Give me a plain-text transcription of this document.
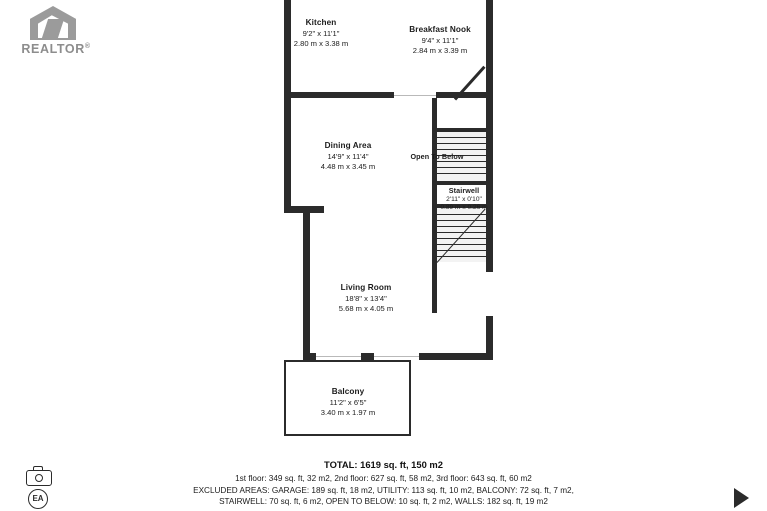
REALTOR®
Kitchen
9'2" x 11'1"
2.80 m x 3.38 m
Breakfast Nook
9'4" x 11'1"
2.84 m x 3.39 m
Dining Area
14'9" x 11'4"
4.48 m x 3.45 m
Open To Below
Stairwell
2'11" x 0'10"
0.89 m x 0.26 m
Living Room
18'8" x 13'4"
5.68 m x 4.05 m
Balcony
11'2" x 6'5"
3.40 m x 1.97 m
TOTAL: 1619 sq. ft, 150 m2
1st floor: 349 sq. ft, 32 m2, 2nd floor: 627 sq. ft, 58 m2, 3rd floor: 643 sq. ft, 60 m2
EXCLUDED AREAS: GARAGE: 189 sq. ft, 18 m2, UTILITY: 113 sq. ft, 10 m2, BALCONY: 72 sq. ft, 7 m2,
STAIRWELL: 70 sq. ft, 6 m2, OPEN TO BELOW: 10 sq. ft, 2 m2, WALLS: 182 sq. ft, 19 m2
EA
